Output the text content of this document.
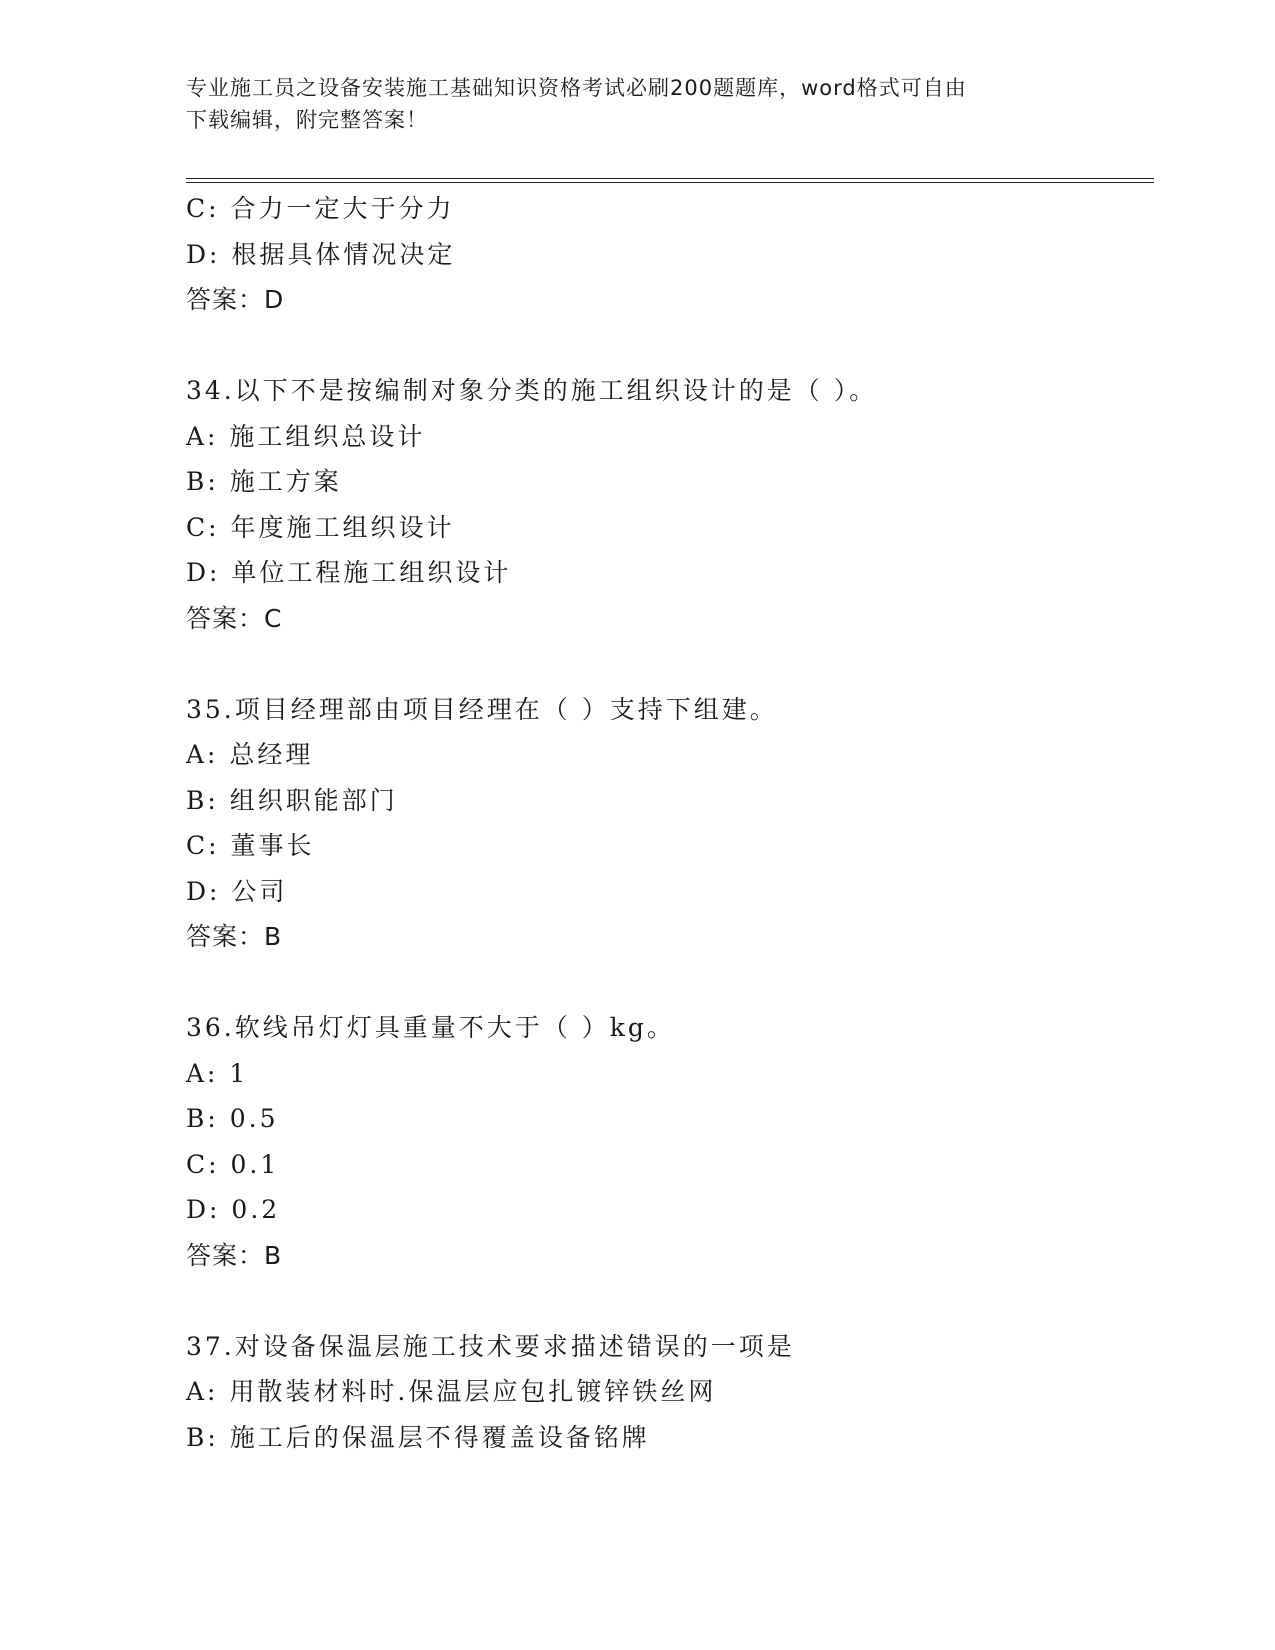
专业施工员之设备安装施工基础知识资格考试必刷200题题库，word格式可自由
下载编辑，附完整答案！
C: 合力一定大于分力
D: 根据具体情况决定
答案：D
34.以下不是按编制对象分类的施工组织设计的是（ ）。
A: 施工组织总设计
B: 施工方案
C: 年度施工组织设计
D: 单位工程施工组织设计
答案：C
35.项目经理部由项目经理在（ ）支持下组建。
A: 总经理
B: 组织职能部门
C: 董事长
D: 公司
答案：B
36.软线吊灯灯具重量不大于（ ）kg。
A: 1
B: 0.5
C: 0.1
D: 0.2
答案：B
37.对设备保温层施工技术要求描述错误的一项是
A: 用散装材料时.保温层应包扎镀锌铁丝网
B: 施工后的保温层不得覆盖设备铭牌
